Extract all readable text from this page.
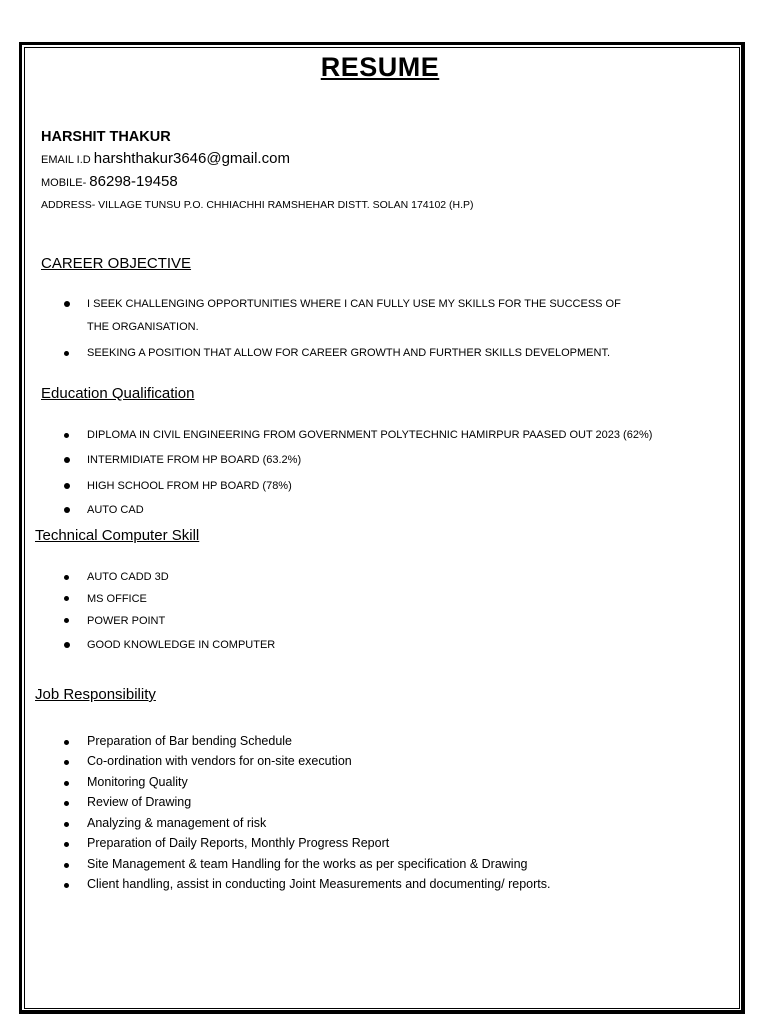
RESUME
HARSHIT THAKUR
EMAIL I.D harshthakur3646@gmail.com
MOBILE- 86298-19458
ADDRESS- VILLAGE TUNSU P.O. CHHIACHHI RAMSHEHAR DISTT. SOLAN 174102 (H.P)
CAREER OBJECTIVE
I SEEK CHALLENGING OPPORTUNITIES WHERE I CAN FULLY USE MY SKILLS FOR THE SUCCESS OF
THE ORGANISATION.
SEEKING A POSITION THAT ALLOW FOR CAREER GROWTH AND FURTHER SKILLS DEVELOPMENT.
Education Qualification
DIPLOMA IN CIVIL ENGINEERING FROM GOVERNMENT POLYTECHNIC HAMIRPUR PAASED OUT 2023 (62%)
INTERMIDIATE FROM HP BOARD (63.2%)
HIGH SCHOOL FROM HP BOARD (78%)
AUTO CAD
Technical Computer Skill
AUTO CADD 3D
MS OFFICE
POWER POINT
GOOD KNOWLEDGE IN COMPUTER
Job Responsibility
Preparation of Bar bending Schedule
Co-ordination with vendors for on-site execution
Monitoring Quality
Review of Drawing
Analyzing & management of risk
Preparation of Daily Reports, Monthly Progress Report
Site Management & team Handling for the works as per specification & Drawing
Client handling, assist in conducting Joint Measurements and documenting/ reports.
